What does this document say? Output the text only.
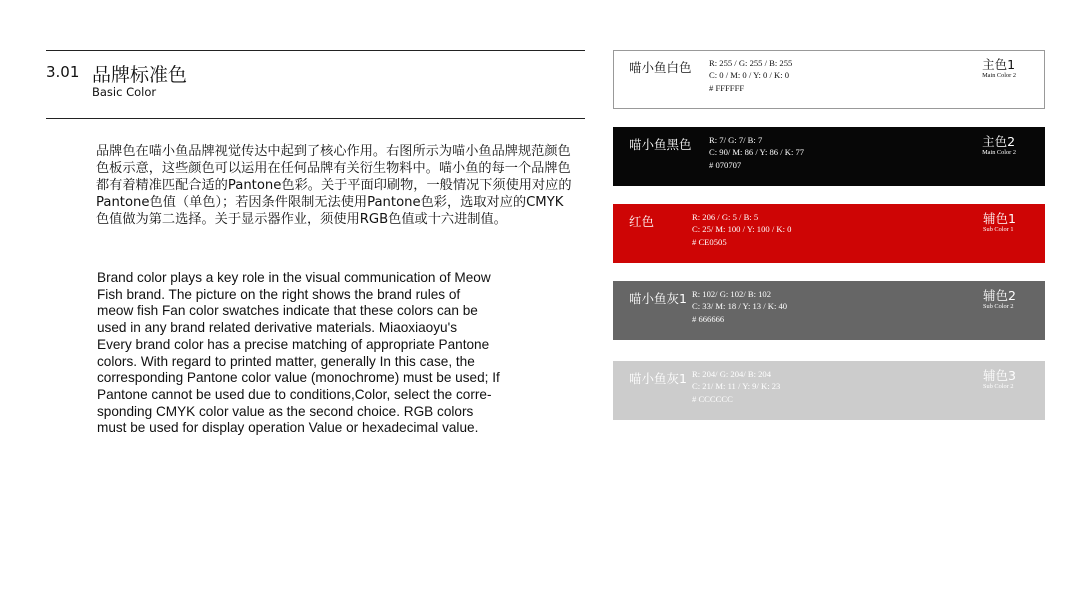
3.01 品牌标准色
Basic Color
品牌色在喵小鱼品牌视觉传达中起到了核心作用。右图所示为喵小鱼品牌规范颜色色板示意，这些颜色可以运用在任何品牌有关衍生物料中。喵小鱼的每一个品牌色都有着精准匹配合适的Pantone色彩。关于平面印刷物，一般情况下须使用对应的Pantone色值（单色）；若因条件限制无法使用Pantone色彩，选取对应的CMYK色值做为第二选择。关于显示器作业，须使用RGB色值或十六进制值。
Brand color plays a key role in the visual communication of Meow
Fish brand. The picture on the right shows the brand rules of
meow fish Fan color swatches indicate that these colors can be
used in any brand related derivative materials. Miaoxiaoyu's
Every brand color has a precise matching of appropriate Pantone
colors. With regard to printed matter, generally In this case, the
corresponding Pantone color value (monochrome) must be used; If
Pantone cannot be used due to conditions,Color, select the corre-
sponding CMYK color value as the second choice. RGB colors
must be used for display operation Value or hexadecimal value.
喵小鱼白色 R: 255 / G: 255 / B: 255
C: 0 / M: 0 / Y: 0 / K: 0
# FFFFFF
主色1
Main Color 2
喵小鱼黑色 R: 7/ G: 7/ B: 7
C: 90/ M: 86 / Y: 86 / K: 77
# 070707
主色2
Main Color 2
红色	R: 206 / G: 5 / B: 5
C: 25/ M: 100 / Y: 100 / K: 0
# CE0505
辅色1
Sub Color 1
喵小鱼灰1 R: 102/ G: 102/ B: 102
C: 33/ M: 18 / Y: 13 / K: 40
# 666666
辅色2
Sub Color 2
喵小鱼灰1 R: 204/ G: 204/ B: 204
C: 21/ M: 11 / Y: 9/ K: 23
# CCCCCC
辅色3
Sub Color 2
